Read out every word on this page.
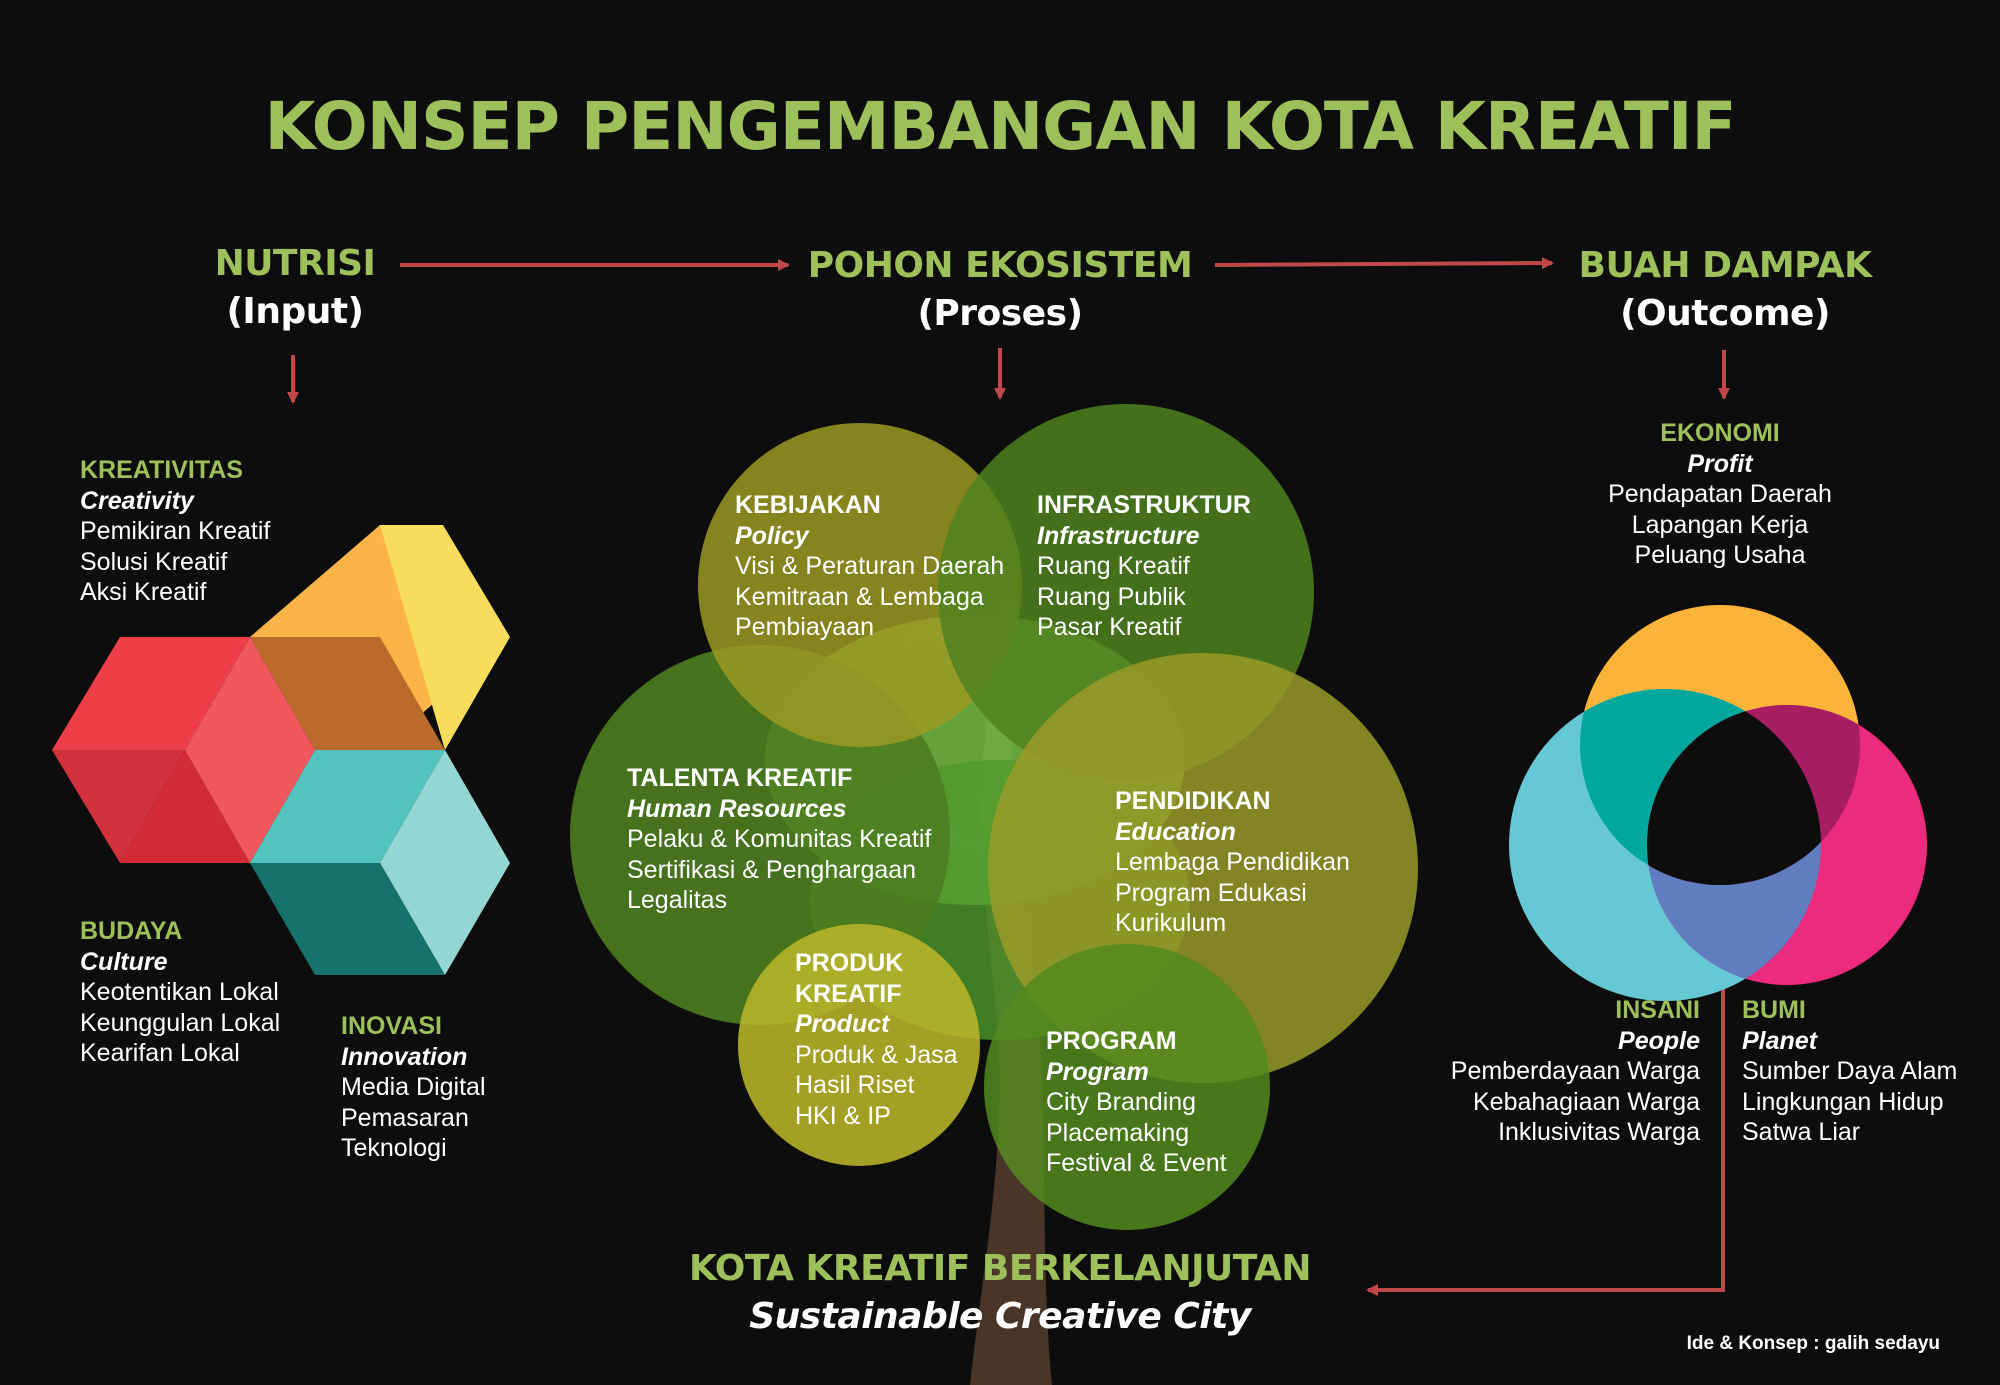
KONSEP PENGEMBANGAN KOTA KREATIF
NUTRISI
(Input)
POHON EKOSISTEM
(Proses)
BUAH DAMPAK
(Outcome)
KREATIVITAS
Creativity
Pemikiran Kreatif
Solusi Kreatif
Aksi Kreatif
BUDAYA
Culture
Keotentikan Lokal
Keunggulan Lokal
Kearifan Lokal
INOVASI
Innovation
Media Digital
Pemasaran
Teknologi
KEBIJAKAN
Policy
Visi & Peraturan Daerah
Kemitraan & Lembaga
Pembiayaan
INFRASTRUKTUR
Infrastructure
Ruang Kreatif
Ruang Publik
Pasar Kreatif
TALENTA KREATIF
Human Resources
Pelaku & Komunitas Kreatif
Sertifikasi & Penghargaan
Legalitas
PENDIDIKAN
Education
Lembaga Pendidikan
Program Edukasi
Kurikulum
PRODUK
KREATIF
Product
Produk & Jasa
Hasil Riset
HKI & IP
PROGRAM
Program
City Branding
Placemaking
Festival & Event
EKONOMI
Profit
Pendapatan Daerah
Lapangan Kerja
Peluang Usaha
INSANI
People
Pemberdayaan Warga
Kebahagiaan Warga
Inklusivitas Warga
BUMI
Planet
Sumber Daya Alam
Lingkungan Hidup
Satwa Liar
KOTA KREATIF BERKELANJUTAN
Sustainable Creative City
Ide & Konsep : galih sedayu
